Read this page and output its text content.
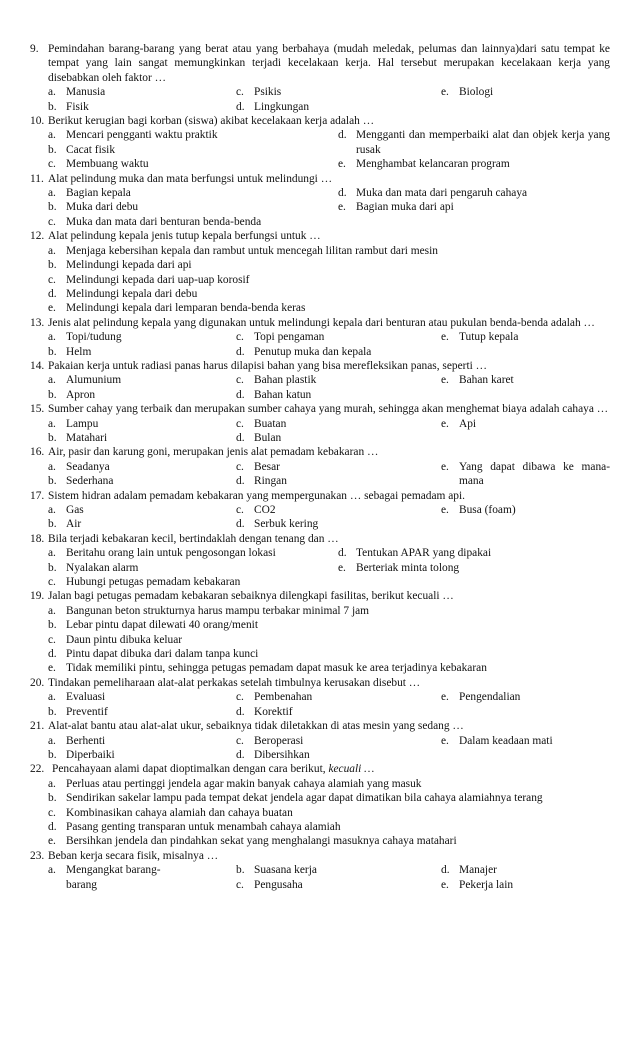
9. Pemindahan barang-barang yang berat atau yang berbahaya (mudah meledak, pelumas dan lainnya)dari satu tempat ke tempat yang lain sangat memungkinkan terjadi kecelakaan kerja. Hal tersebut merupakan kecelakaan kerja yang disebabkan oleh faktor …
a. Manusia
b. Fisik
c. Psikis
d. Lingkungan
e. Biologi
10. Berikut kerugian bagi korban (siswa) akibat kecelakaan kerja adalah …
a. Mencari pengganti waktu praktik
b. Cacat fisik
c. Membuang waktu
d. Mengganti dan memperbaiki alat dan objek kerja yang rusak
e. Menghambat kelancaran program
11. Alat pelindung muka dan mata berfungsi untuk melindungi …
a. Bagian kepala
b. Muka dari debu
d. Muka dan mata dari pengaruh cahaya
e. Bagian muka dari api
c. Muka dan mata dari benturan benda-benda
12. Alat pelindung kepala jenis tutup kepala berfungsi untuk …
a. Menjaga kebersihan kepala dan rambut untuk mencegah lilitan rambut dari mesin
b. Melindungi kepada dari api
c. Melindungi kepada dari uap-uap korosif
d. Melindungi kepala dari debu
e. Melindungi kepala dari lemparan benda-benda keras
13. Jenis alat pelindung kepala yang digunakan untuk melindungi kepala dari benturan atau pukulan benda-benda adalah …
a. Topi/tudung
b. Helm
c. Topi pengaman
d. Penutup muka dan kepala
e. Tutup kepala
14. Pakaian kerja untuk radiasi panas harus dilapisi bahan yang bisa merefleksikan panas, seperti …
a. Alumunium
b. Apron
c. Bahan plastik
d. Bahan katun
e. Bahan karet
15. Sumber cahay yang terbaik dan merupakan sumber cahaya yang murah, sehingga akan menghemat biaya adalah cahaya …
a. Lampu
b. Matahari
c. Buatan
d. Bulan
e. Api
16. Air, pasir dan karung goni, merupakan jenis alat pemadam kebakaran …
a. Seadanya
b. Sederhana
c. Besar
d. Ringan
e. Yang dapat dibawa ke mana-mana
17. Sistem hidran adalam pemadam kebakaran yang mempergunakan … sebagai pemadam api.
a. Gas
b. Air
c. CO2
d. Serbuk kering
e. Busa (foam)
18. Bila terjadi kebakaran kecil, bertindaklah dengan tenang dan …
a. Beritahu orang lain untuk pengosongan lokasi
b. Nyalakan alarm
d. Tentukan APAR yang dipakai
e. Berteriak minta tolong
c. Hubungi petugas pemadam kebakaran
19. Jalan bagi petugas pemadam kebakaran sebaiknya dilengkapi fasilitas, berikut kecuali …
a. Bangunan beton strukturnya harus mampu terbakar minimal 7 jam
b. Lebar pintu dapat dilewati 40 orang/menit
c. Daun pintu dibuka keluar
d. Pintu dapat dibuka dari dalam tanpa kunci
e. Tidak memiliki pintu, sehingga petugas pemadam dapat masuk ke area terjadinya kebakaran
20. Tindakan pemeliharaan alat-alat perkakas setelah timbulnya kerusakan disebut …
a. Evaluasi
b. Preventif
c. Pembenahan
d. Korektif
e. Pengendalian
21. Alat-alat bantu atau alat-alat ukur, sebaiknya tidak diletakkan di atas mesin yang sedang …
a. Berhenti
b. Diperbaiki
c. Beroperasi
d. Dibersihkan
e. Dalam keadaan mati
22. Pencahayaan alami dapat dioptimalkan dengan cara berikut, kecuali …
a. Perluas atau pertinggi jendela agar makin banyak cahaya alamiah yang masuk
b. Sendirikan sakelar lampu pada tempat dekat jendela agar dapat dimatikan bila cahaya alamiahnya terang
c. Kombinasikan cahaya alamiah dan cahaya buatan
d. Pasang genting transparan untuk menambah cahaya alamiah
e. Bersihkan jendela dan pindahkan sekat yang menghalangi masuknya cahaya matahari
23. Beban kerja secara fisik, misalnya …
a. Mengangkat barang-barang
b. Suasana kerja
c. Pengusaha
d. Manajer
e. Pekerja lain
